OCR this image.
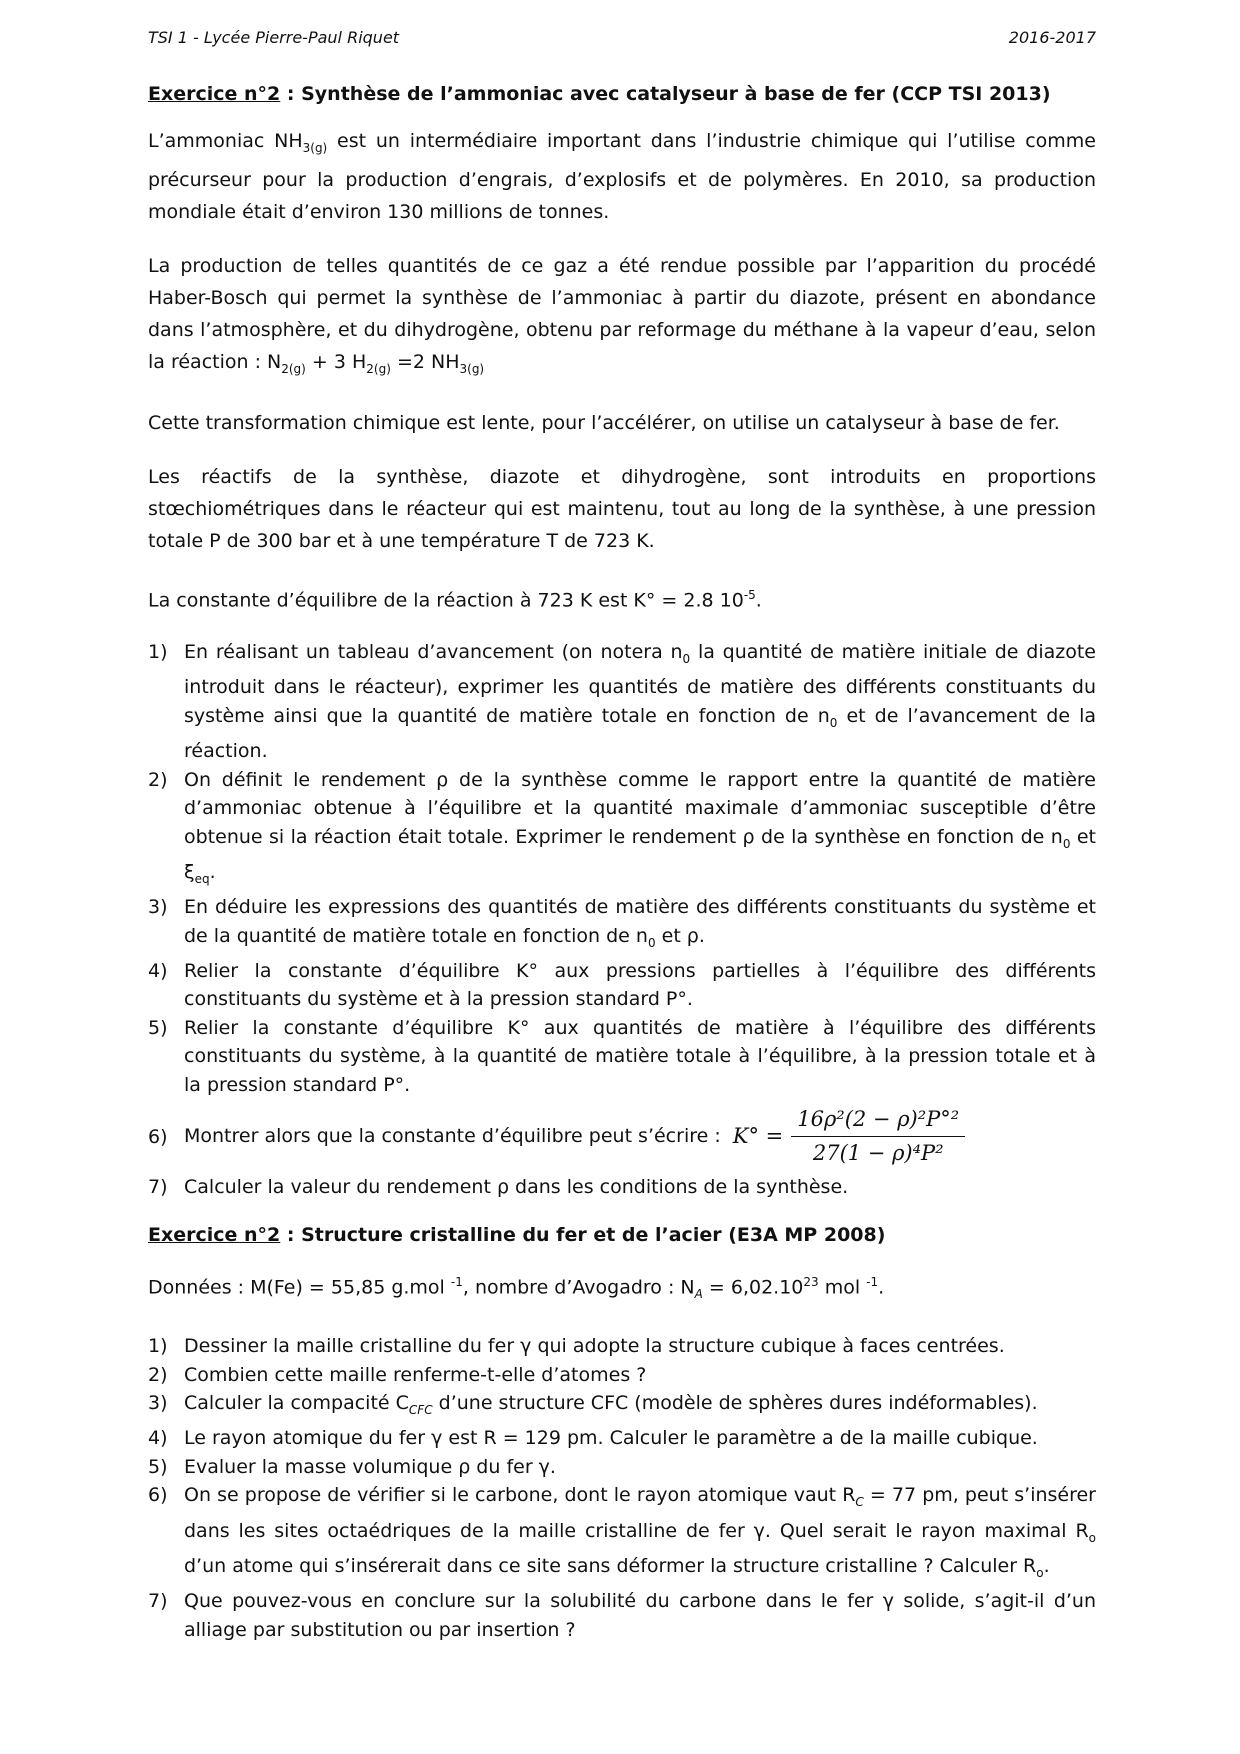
TSI 1 - Lycée Pierre-Paul Riquet	2016-2017
Exercice n°2 : Synthèse de l’ammoniac avec catalyseur à base de fer (CCP TSI 2013)

L’ammoniac $NH_{3(g)}$ est un intermédiaire important dans l’industrie chimique qui l’utilise comme précurseur pour la production d’engrais, d’explosifs et de polymères. En 2010, sa production mondiale était d’environ 130 millions de tonnes.

La production de telles quantités de ce gaz a été rendue possible par l’apparition du procédé Haber-Bosch qui permet la synthèse de l’ammoniac à partir du diazote, présent en abondance dans l’atmosphère, et du dihydrogène, obtenu par reformage du méthane à la vapeur d’eau, selon la réaction : $N_{2(g)} + 3$ $H_{2(g)} =2$ $NH_{3(g)}$

Cette transformation chimique est lente, pour l’accélérer, on utilise un catalyseur à base de fer.

Les réactifs de la synthèse, diazote et dihydrogène, sont introduits en proportions stœchiométriques dans le réacteur qui est maintenu, tout au long de la synthèse, à une pression totale P de 300 bar et à une température T de 723 K.

La constante d’équilibre de la réaction à 723 K est K° = 2.8 $10^{-5}$.

1) En réalisant un tableau d’avancement (on notera $n_0$ la quantité de matière initiale de diazote introduit dans le réacteur), exprimer les quantités de matière des différents constituants du système ainsi que la quantité de matière totale en fonction de $n_0$ et de l’avancement de la réaction.
2) On définit le rendement ρ de la synthèse comme le rapport entre la quantité de matière d’ammoniac obtenue à l’équilibre et la quantité maximale d’ammoniac susceptible d’être obtenue si la réaction était totale. Exprimer le rendement ρ de la synthèse en fonction de $n_0$ et $\xi_{eq}$.
3) En déduire les expressions des quantités de matière des différents constituants du système et de la quantité de matière totale en fonction de $n_0$ et ρ.
4) Relier la constante d’équilibre K° aux pressions partielles à l’équilibre des différents constituants du système et à la pression standard P°.
5) Relier la constante d’équilibre K° aux quantités de matière à l’équilibre des différents constituants du système, à la quantité de matière totale à l’équilibre, à la pression totale et à la pression standard P°.
6) Montrer alors que la constante d’équilibre peut s’écrire : $K^\circ = \frac{\text{16ρ²(2 − ρ)²P°²}}{\text{27(1 − ρ)⁴P²}}$
7) Calculer la valeur du rendement ρ dans les conditions de la synthèse.
Exercice n°2 : Structure cristalline du fer et de l’acier (E3A MP 2008)

Données : M(Fe) = 55,85 g.mol $^{-1}$, nombre d’Avogadro : $N_A = 6,02.10^{23}$ mol $^{-1}$.

1) Dessiner la maille cristalline du fer γ qui adopte la structure cubique à faces centrées.
2) Combien cette maille renferme-t-elle d’atomes ?
3) Calculer la compacité $C_{CFC}$ d’une structure CFC (modèle de sphères dures indéformables).
4) Le rayon atomique du fer γ est R = 129 pm. Calculer le paramètre a de la maille cubique.
5) Evaluer la masse volumique ρ du fer γ.
6) On se propose de vérifier si le carbone, dont le rayon atomique vaut $R_C = 77$ pm, peut s’insérer dans les sites octaédriques de la maille cristalline de fer γ. Quel serait le rayon maximal $R_o$ d’un atome qui s’insérerait dans ce site sans déformer la structure cristalline ? Calculer $R_o$.
7) Que pouvez-vous en conclure sur la solubilité du carbone dans le fer γ solide, s’agit-il d’un alliage par substitution ou par insertion ?
